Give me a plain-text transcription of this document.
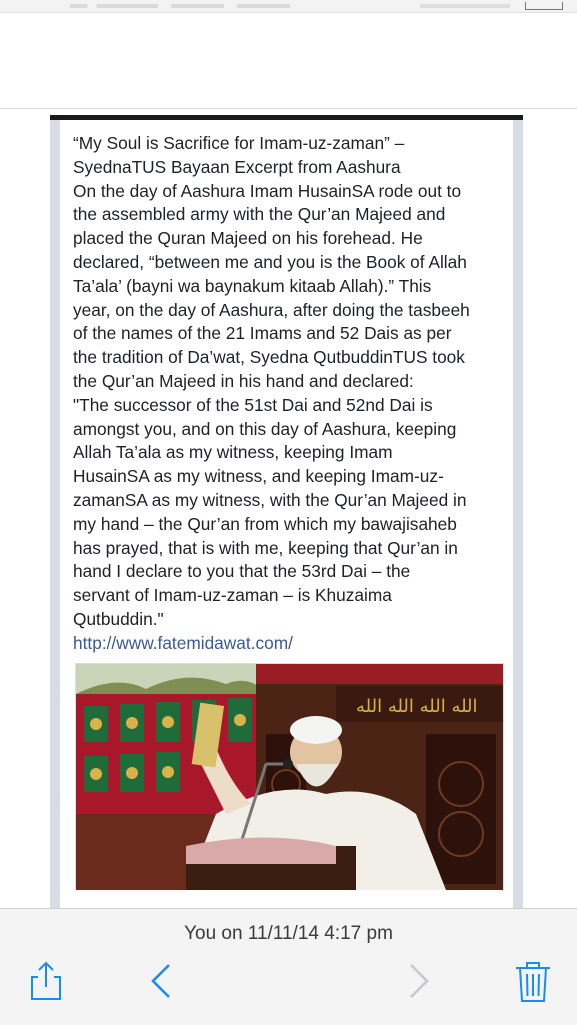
“My Soul is Sacrifice for Imam-uz-zaman” –
SyednaTUS Bayaan Excerpt from Aashura
On the day of Aashura Imam HusainSA rode out to
the assembled army with the Qur’an Majeed and
placed the Quran Majeed on his forehead. He
declared, “between me and you is the Book of Allah
Ta’ala’ (bayni wa baynakum kitaab Allah).” This
year, on the day of Aashura, after doing the tasbeeh
of the names of the 21 Imams and 52 Dais as per
the tradition of Da’wat, Syedna QutbuddinTUS took
the Qur’an Majeed in his hand and declared:
"The successor of the 51st Dai and 52nd Dai is
amongst you, and on this day of Aashura, keeping
Allah Ta’ala as my witness, keeping Imam
HusainSA as my witness, and keeping Imam-uz-
zamanSA as my witness, with the Qur’an Majeed in
my hand – the Qur’an from which my bawajisaheb
has prayed, that is with me, keeping that Qur’an in
hand I declare to you that the 53rd Dai – the
servant of Imam-uz-zaman – is Khuzaima
Qutbuddin."
http://www.fatemidawat.com/
الله الله الله الله
You on 11/11/14 4:17 pm
